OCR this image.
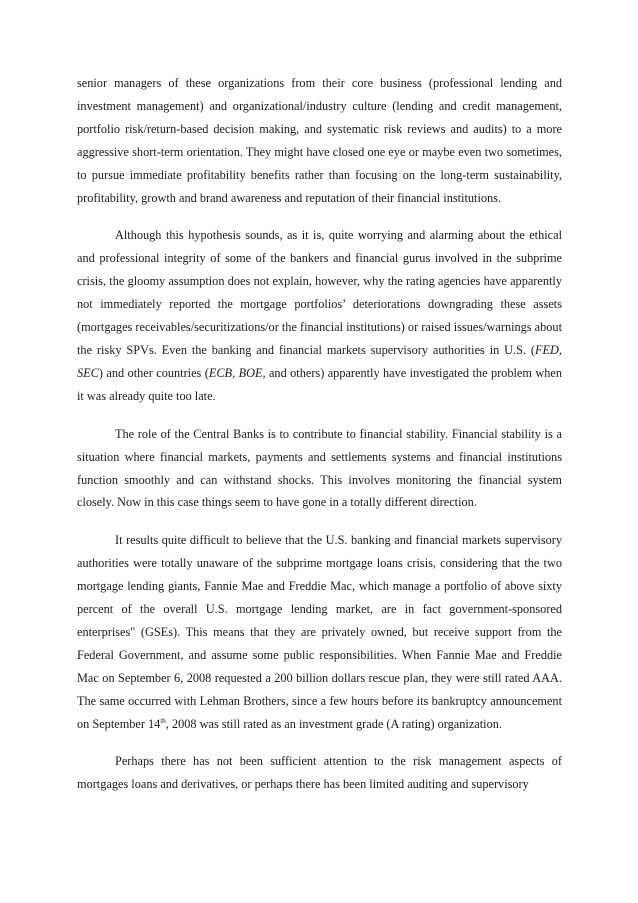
senior managers of these organizations from their core business (professional lending and investment management) and organizational/industry culture (lending and credit management, portfolio risk/return-based decision making, and systematic risk reviews and audits) to a more aggressive short-term orientation. They might have closed one eye or maybe even two sometimes, to pursue immediate profitability benefits rather than focusing on the long-term sustainability, profitability, growth and brand awareness and reputation of their financial institutions.

Although this hypothesis sounds, as it is, quite worrying and alarming about the ethical and professional integrity of some of the bankers and financial gurus involved in the subprime crisis, the gloomy assumption does not explain, however, why the rating agencies have apparently not immediately reported the mortgage portfolios’ deteriorations downgrading these assets (mortgages receivables/securitizations/or the financial institutions) or raised issues/warnings about the risky SPVs. Even the banking and financial markets supervisory authorities in U.S. (FED, SEC) and other countries (ECB, BOE, and others) apparently have investigated the problem when it was already quite too late.

The role of the Central Banks is to contribute to financial stability. Financial stability is a situation where financial markets, payments and settlements systems and financial institutions function smoothly and can withstand shocks. This involves monitoring the financial system closely. Now in this case things seem to have gone in a totally different direction.

It results quite difficult to believe that the U.S. banking and financial markets supervisory authorities were totally unaware of the subprime mortgage loans crisis, considering that the two mortgage lending giants, Fannie Mae and Freddie Mac, which manage a portfolio of above sixty percent of the overall U.S. mortgage lending market, are in fact government-sponsored enterprises" (GSEs). This means that they are privately owned, but receive support from the Federal Government, and assume some public responsibilities. When Fannie Mae and Freddie Mac on September 6, 2008 requested a 200 billion dollars rescue plan, they were still rated AAA. The same occurred with Lehman Brothers, since a few hours before its bankruptcy announcement on September 14th, 2008 was still rated as an investment grade (A rating) organization.

Perhaps there has not been sufficient attention to the risk management aspects of mortgages loans and derivatives, or perhaps there has been limited auditing and supervisory
